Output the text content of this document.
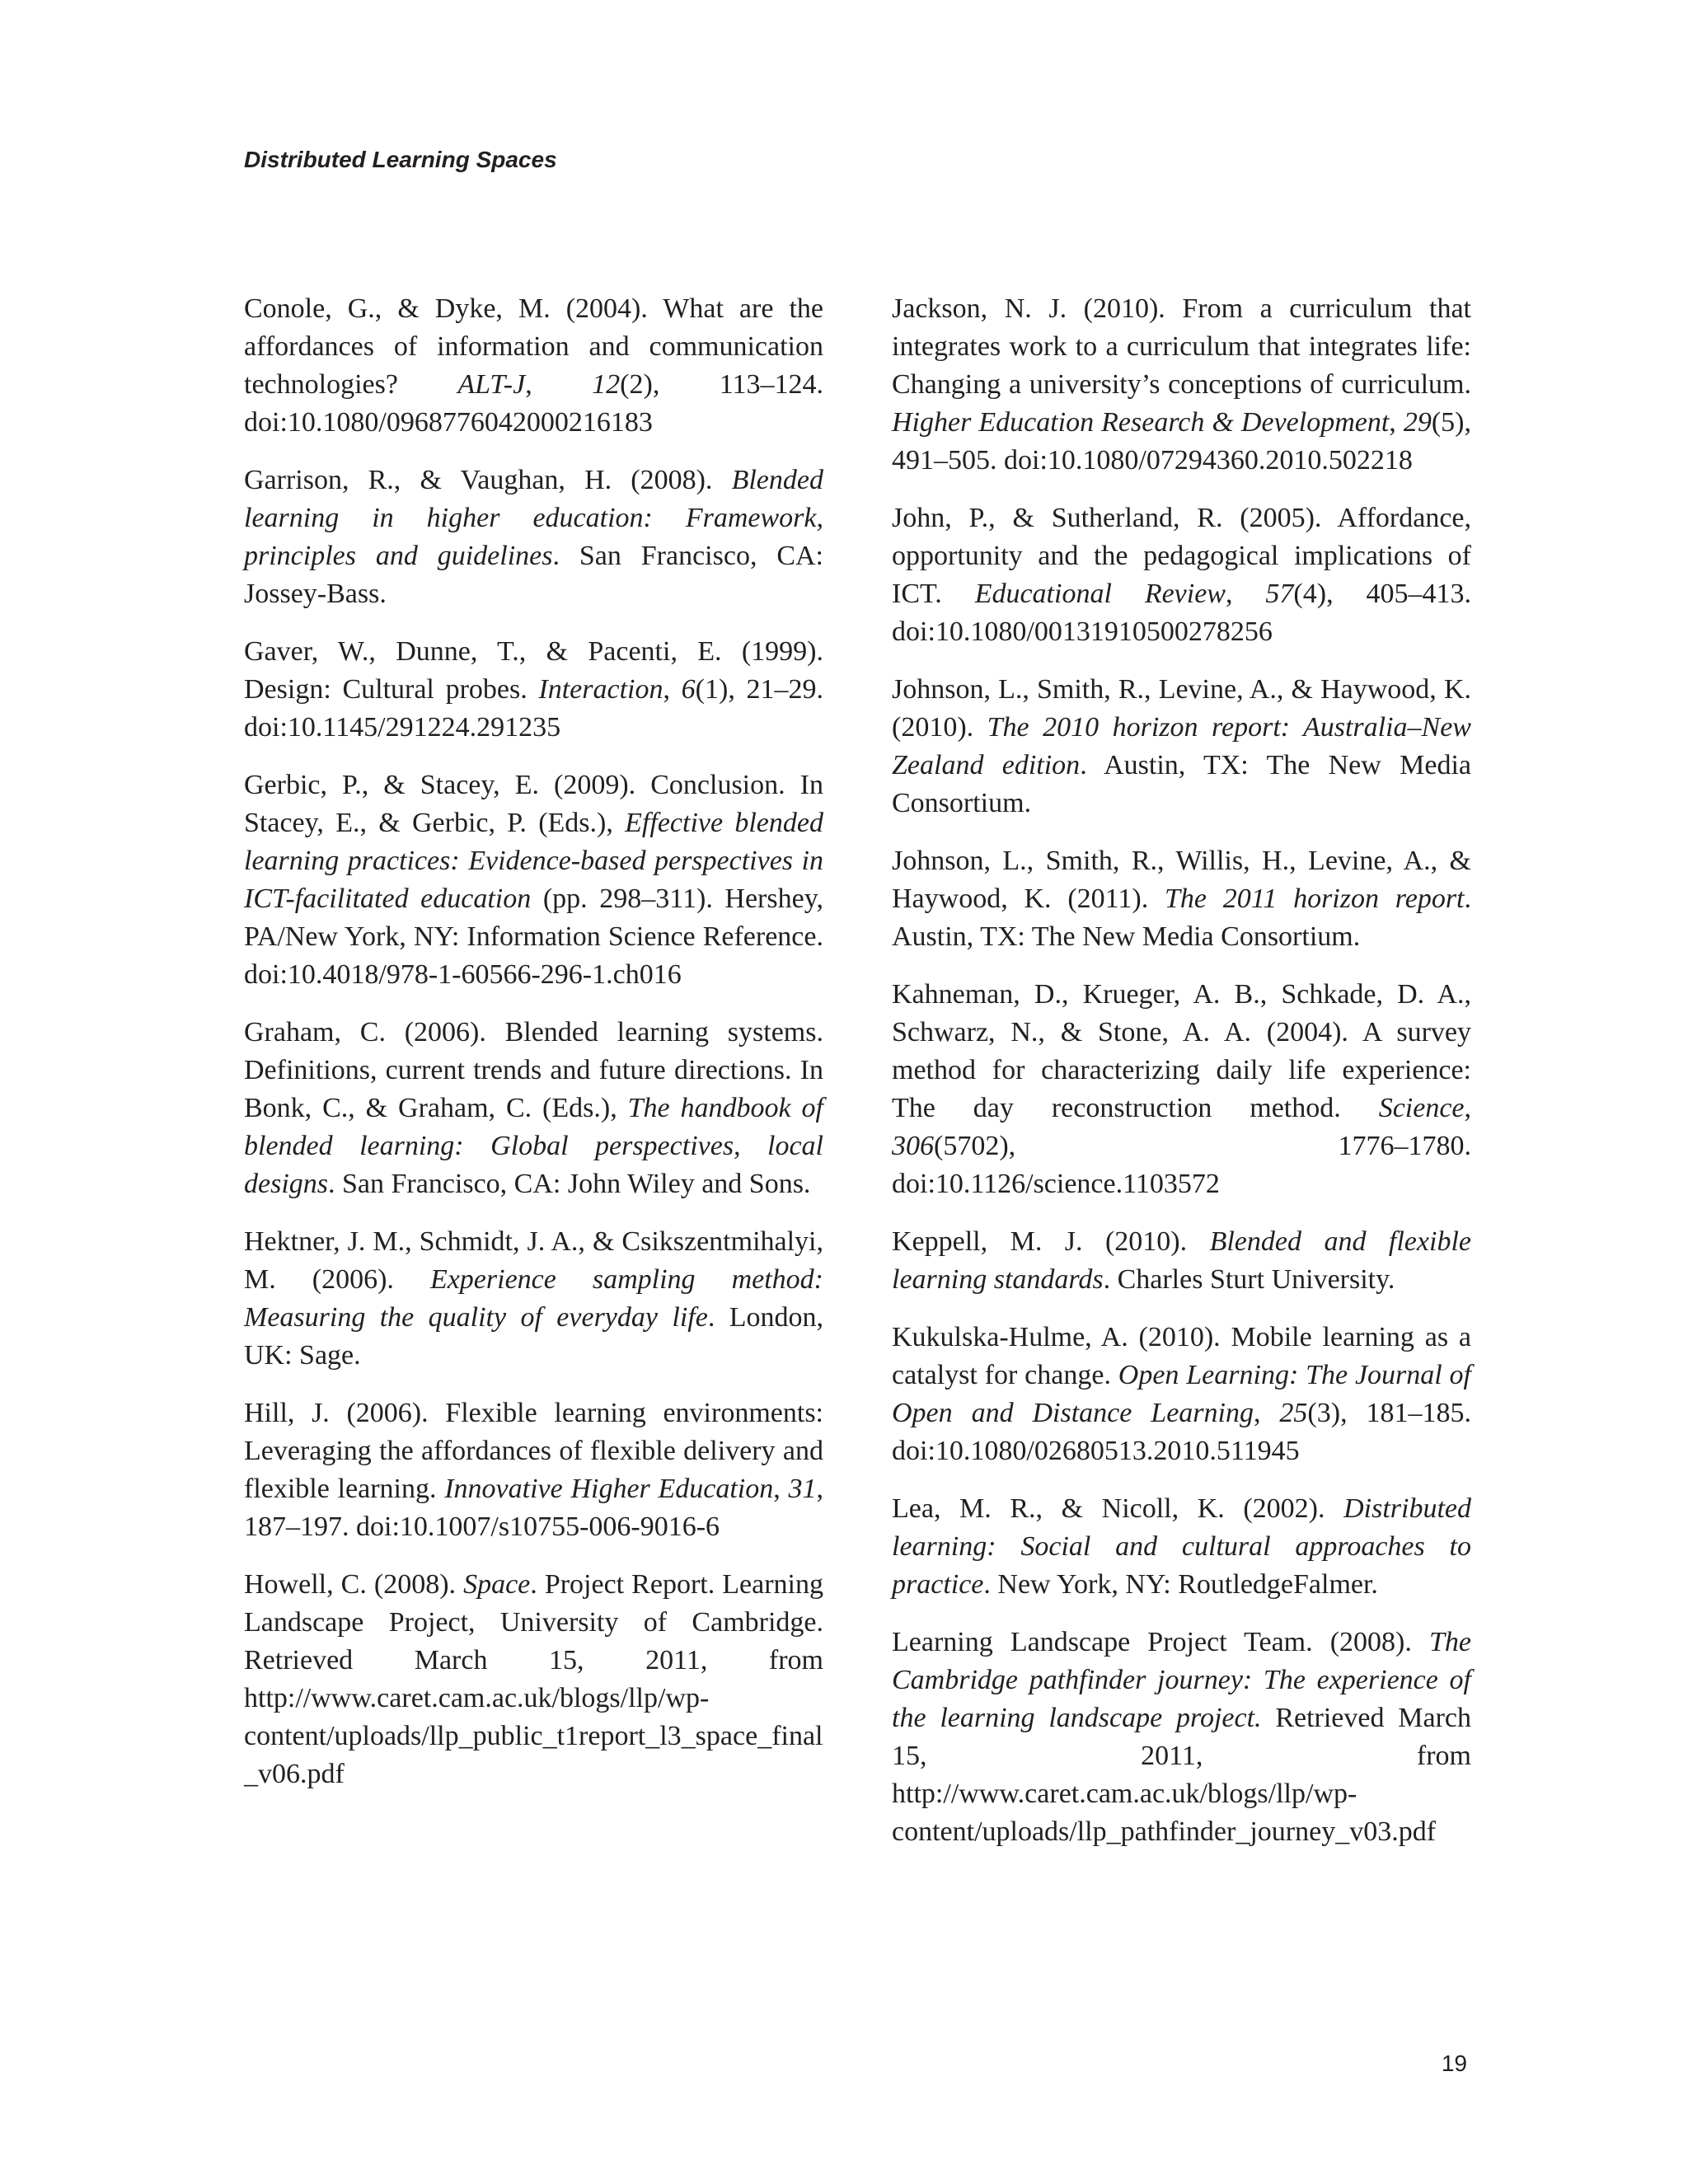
Distributed Learning Spaces

Conole, G., & Dyke, M. (2004). What are the affordances of information and communication technologies? ALT-J, 12(2), 113–124. doi:10.1080/0968776042000216183

Garrison, R., & Vaughan, H. (2008). Blended learning in higher education: Framework, principles and guidelines. San Francisco, CA: Jossey-Bass.

Gaver, W., Dunne, T., & Pacenti, E. (1999). Design: Cultural probes. Interaction, 6(1), 21–29. doi:10.1145/291224.291235

Gerbic, P., & Stacey, E. (2009). Conclusion. In Stacey, E., & Gerbic, P. (Eds.), Effective blended learning practices: Evidence-based perspectives in ICT-facilitated education (pp. 298–311). Hershey, PA/New York, NY: Information Science Reference. doi:10.4018/978-1-60566-296-1.ch016

Graham, C. (2006). Blended learning systems. Definitions, current trends and future directions. In Bonk, C., & Graham, C. (Eds.), The handbook of blended learning: Global perspectives, local designs. San Francisco, CA: John Wiley and Sons.

Hektner, J. M., Schmidt, J. A., & Csikszentmihalyi, M. (2006). Experience sampling method: Measuring the quality of everyday life. London, UK: Sage.

Hill, J. (2006). Flexible learning environments: Leveraging the affordances of flexible delivery and flexible learning. Innovative Higher Education, 31, 187–197. doi:10.1007/s10755-006-9016-6

Howell, C. (2008). Space. Project Report. Learning Landscape Project, University of Cambridge. Retrieved March 15, 2011, from http://www.caret.cam.ac.uk/blogs/llp/wp-content/uploads/llp_public_t1report_l3_space_final_v06.pdf

Jackson, N. J. (2010). From a curriculum that integrates work to a curriculum that integrates life: Changing a university’s conceptions of curriculum. Higher Education Research & Development, 29(5), 491–505. doi:10.1080/07294360.2010.502218

John, P., & Sutherland, R. (2005). Affordance, opportunity and the pedagogical implications of ICT. Educational Review, 57(4), 405–413. doi:10.1080/00131910500278256

Johnson, L., Smith, R., Levine, A., & Haywood, K. (2010). The 2010 horizon report: Australia–New Zealand edition. Austin, TX: The New Media Consortium.

Johnson, L., Smith, R., Willis, H., Levine, A., & Haywood, K. (2011). The 2011 horizon report. Austin, TX: The New Media Consortium.

Kahneman, D., Krueger, A. B., Schkade, D. A., Schwarz, N., & Stone, A. A. (2004). A survey method for characterizing daily life experience: The day reconstruction method. Science, 306(5702), 1776–1780. doi:10.1126/science.1103572

Keppell, M. J. (2010). Blended and flexible learning standards. Charles Sturt University.

Kukulska-Hulme, A. (2010). Mobile learning as a catalyst for change. Open Learning: The Journal of Open and Distance Learning, 25(3), 181–185. doi:10.1080/02680513.2010.511945

Lea, M. R., & Nicoll, K. (2002). Distributed learning: Social and cultural approaches to practice. New York, NY: RoutledgeFalmer.

Learning Landscape Project Team. (2008). The Cambridge pathfinder journey: The experience of the learning landscape project. Retrieved March 15, 2011, from http://www.caret.cam.ac.uk/blogs/llp/wp-content/uploads/llp_pathfinder_journey_v03.pdf

19
